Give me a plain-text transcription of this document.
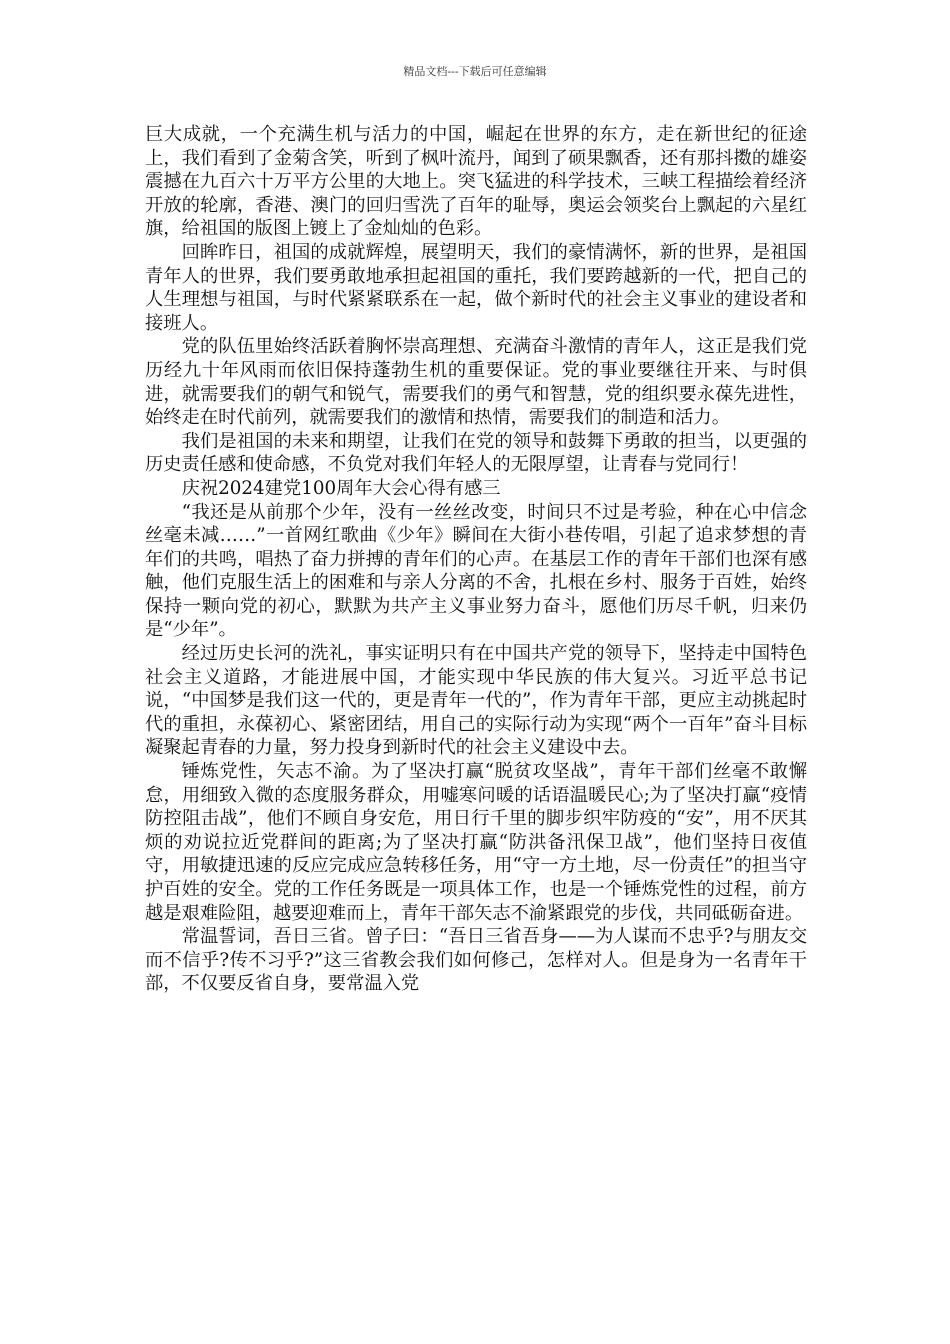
精品文档---下载后可任意编辑

巨大成就，一个充满生机与活力的中国，崛起在世界的东方，走在新世纪的征途上，我们看到了金菊含笑，听到了枫叶流丹，闻到了硕果飘香，还有那抖擞的雄姿震撼在九百六十万平方公里的大地上。突飞猛进的科学技术，三峡工程描绘着经济开放的轮廓，香港、澳门的回归雪洗了百年的耻辱，奥运会领奖台上飘起的六星红旗，给祖国的版图上镀上了金灿灿的色彩。

回眸昨日，祖国的成就辉煌，展望明天，我们的豪情满怀，新的世界，是祖国青年人的世界，我们要勇敢地承担起祖国的重托，我们要跨越新的一代，把自己的人生理想与祖国，与时代紧紧联系在一起，做个新时代的社会主义事业的建设者和接班人。

党的队伍里始终活跃着胸怀崇高理想、充满奋斗激情的青年人，这正是我们党历经九十年风雨而依旧保持蓬勃生机的重要保证。党的事业要继往开来、与时俱进，就需要我们的朝气和锐气，需要我们的勇气和智慧，党的组织要永葆先进性，始终走在时代前列，就需要我们的激情和热情，需要我们的制造和活力。

我们是祖国的未来和期望，让我们在党的领导和鼓舞下勇敢的担当，以更强的历史责任感和使命感，不负党对我们年轻人的无限厚望，让青春与党同行！

庆祝2024建党100周年大会心得有感三

“我还是从前那个少年，没有一丝丝改变，时间只不过是考验，种在心中信念丝毫未减……”一首网红歌曲《少年》瞬间在大街小巷传唱，引起了追求梦想的青年们的共鸣，唱热了奋力拼搏的青年们的心声。在基层工作的青年干部们也深有感触，他们克服生活上的困难和与亲人分离的不舍，扎根在乡村、服务于百姓，始终保持一颗向党的初心，默默为共产主义事业努力奋斗，愿他们历尽千帆，归来仍是“少年”。

经过历史长河的洗礼，事实证明只有在中国共产党的领导下，坚持走中国特色社会主义道路，才能进展中国，才能实现中华民族的伟大复兴。习近平总书记说，“中国梦是我们这一代的，更是青年一代的”，作为青年干部，更应主动挑起时代的重担，永葆初心、紧密团结，用自己的实际行动为实现“两个一百年”奋斗目标凝聚起青春的力量，努力投身到新时代的社会主义建设中去。

锤炼党性，矢志不渝。为了坚决打赢“脱贫攻坚战”，青年干部们丝毫不敢懈怠，用细致入微的态度服务群众，用嘘寒问暖的话语温暖民心;为了坚决打赢“疫情防控阻击战”，他们不顾自身安危，用日行千里的脚步织牢防疫的“安”，用不厌其烦的劝说拉近党群间的距离;为了坚决打赢“防洪备汛保卫战”，他们坚持日夜值守，用敏捷迅速的反应完成应急转移任务，用“守一方土地，尽一份责任”的担当守护百姓的安全。党的工作任务既是一项具体工作，也是一个锤炼党性的过程，前方越是艰难险阻，越要迎难而上，青年干部矢志不渝紧跟党的步伐，共同砥砺奋进。

常温誓词，吾日三省。曾子曰：“吾日三省吾身——为人谋而不忠乎?与朋友交而不信乎?传不习乎?”这三省教会我们如何修己，怎样对人。但是身为一名青年干部，不仅要反省自身，要常温入党
